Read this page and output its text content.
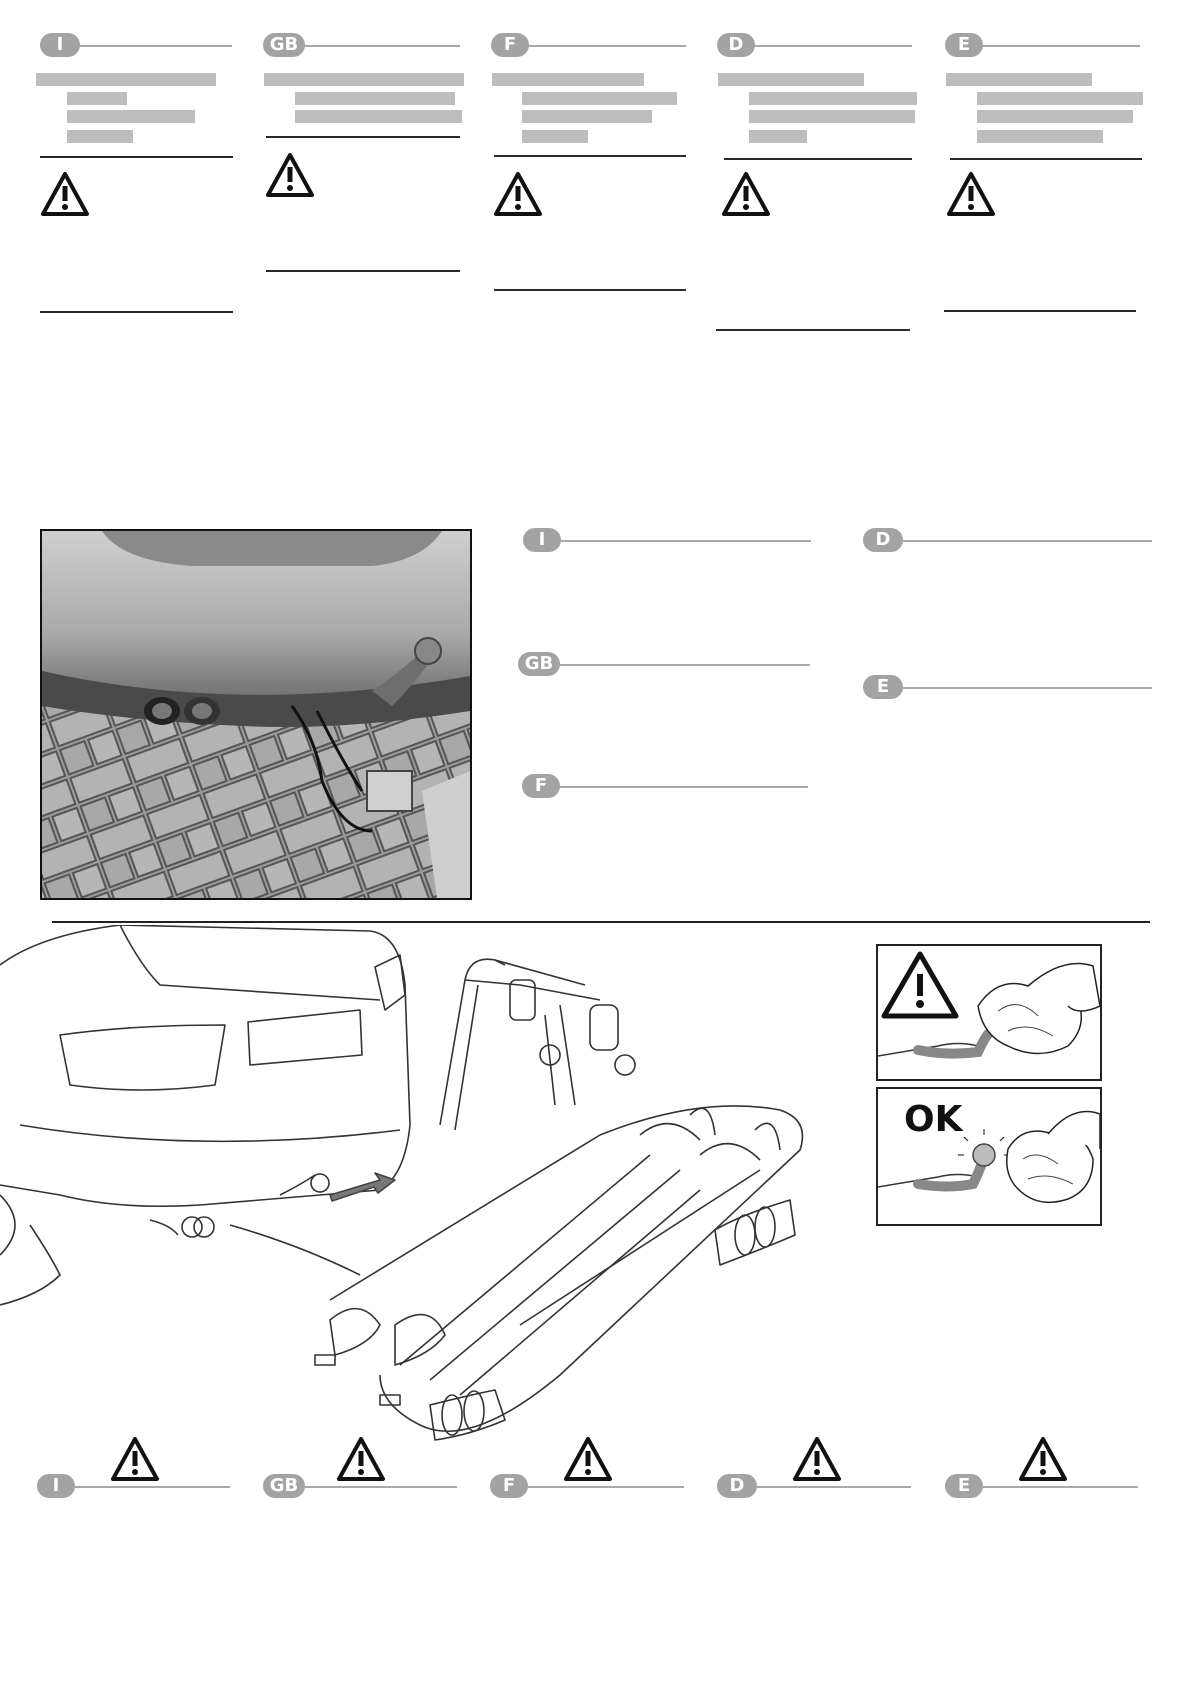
I	GB	F	D	E
I
GB
F
D
E
OK
I	GB	F	D	E
